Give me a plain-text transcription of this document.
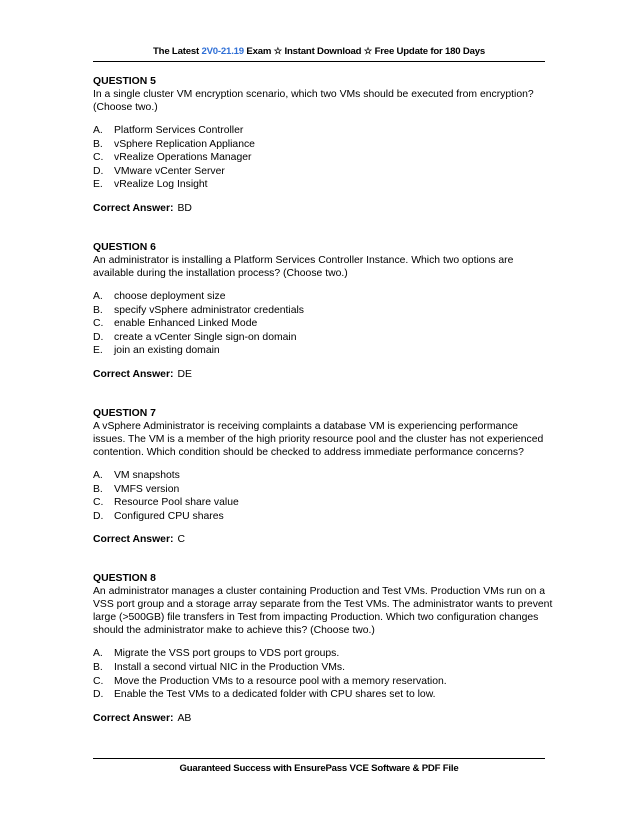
The Latest 2V0-21.19 Exam ☆ Instant Download ☆ Free Update for 180 Days
QUESTION 5
In a single cluster VM encryption scenario, which two VMs should be executed from encryption? (Choose two.)
A.	Platform Services Controller
B.	vSphere Replication Appliance
C.	vRealize Operations Manager
D.	VMware vCenter Server
E.	vRealize Log Insight
Correct Answer: BD
QUESTION 6
An administrator is installing a Platform Services Controller Instance. Which two options are available during the installation process? (Choose two.)
A.	choose deployment size
B.	specify vSphere administrator credentials
C.	enable Enhanced Linked Mode
D.	create a vCenter Single sign-on domain
E.	join an existing domain
Correct Answer: DE
QUESTION 7
A vSphere Administrator is receiving complaints a database VM is experiencing performance issues. The VM is a member of the high priority resource pool and the cluster has not experienced contention. Which condition should be checked to address immediate performance concerns?
A.	VM snapshots
B.	VMFS version
C.	Resource Pool share value
D.	Configured CPU shares
Correct Answer: C
QUESTION 8
An administrator manages a cluster containing Production and Test VMs. Production VMs run on a VSS port group and a storage array separate from the Test VMs. The administrator wants to prevent large (>500GB) file transfers in Test from impacting Production. Which two configuration changes should the administrator make to achieve this? (Choose two.)
A.	Migrate the VSS port groups to VDS port groups.
B.	Install a second virtual NIC in the Production VMs.
C.	Move the Production VMs to a resource pool with a memory reservation.
D.	Enable the Test VMs to a dedicated folder with CPU shares set to low.
Correct Answer: AB
Guaranteed Success with EnsurePass VCE Software & PDF File
